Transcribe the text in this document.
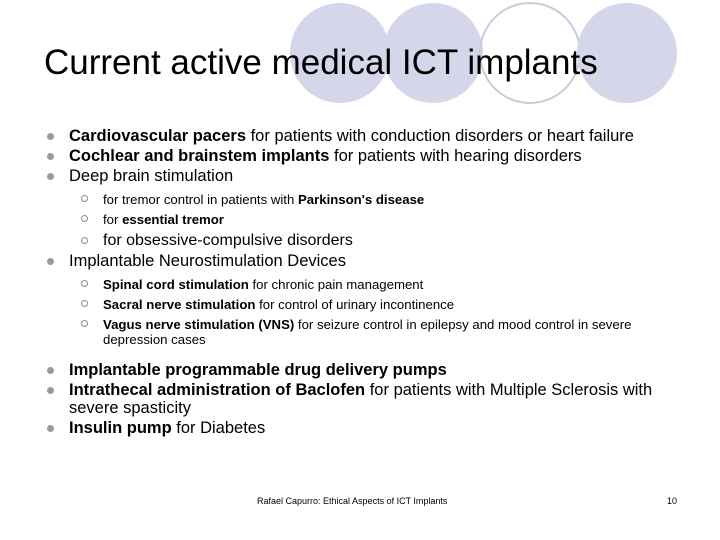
Current active medical ICT implants
Cardiovascular pacers for patients with conduction disorders or heart failure
Cochlear and brainstem implants for patients with hearing disorders
Deep brain stimulation
for tremor control in patients with Parkinson's disease
for essential tremor
for obsessive-compulsive disorders
Implantable Neurostimulation Devices
Spinal cord stimulation for chronic pain management
Sacral nerve stimulation for control of urinary incontinence
Vagus nerve stimulation (VNS) for seizure control in epilepsy and mood control in severe depression cases
Implantable programmable drug delivery pumps
Intrathecal administration of Baclofen for patients with Multiple Sclerosis with severe spasticity
Insulin pump for Diabetes
Rafael Capurro: Ethical Aspects of ICT Implants	10
